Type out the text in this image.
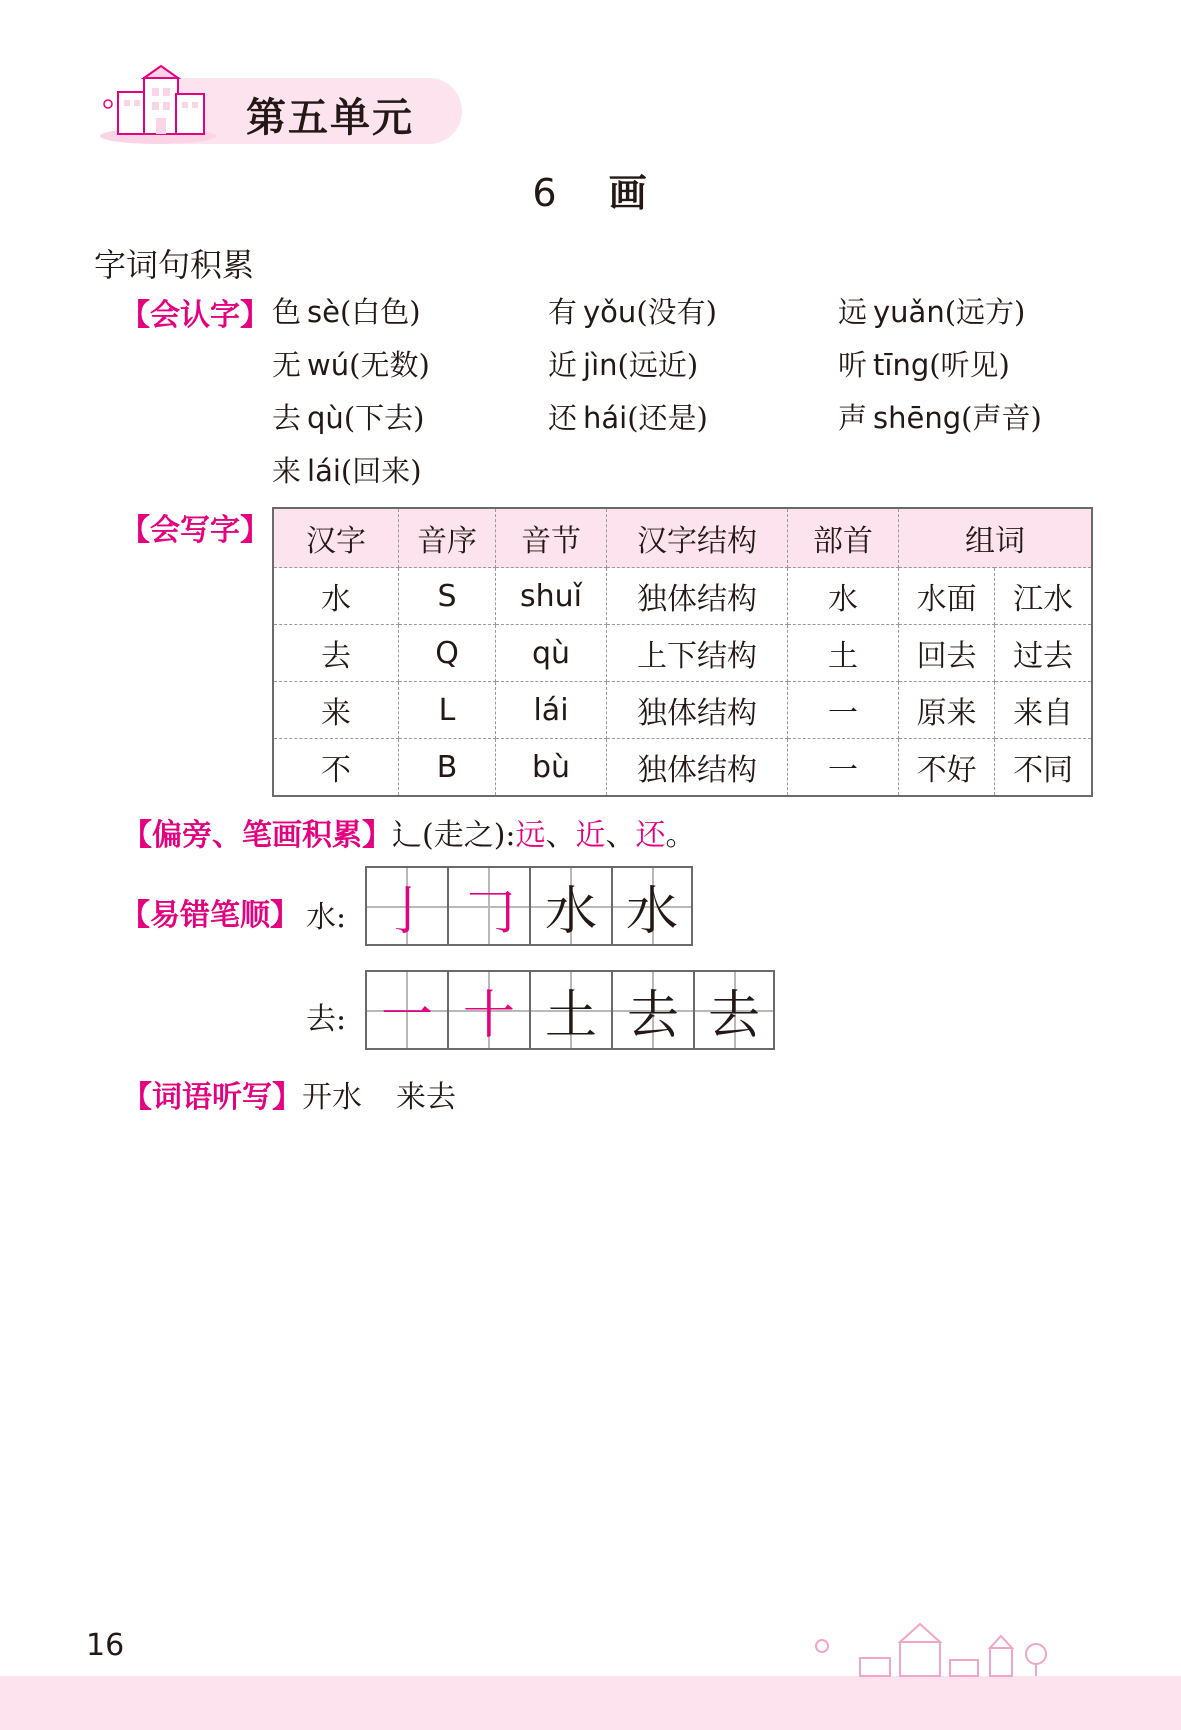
第五单元
6 画
字词句积累
【会认字】 色 sè(白色)	有 yǒu(没有)	远 yuǎn(远方)
无 wú(无数)	近 jìn(远近)	听 tīng(听见)
去 qù(下去)	还 hái(还是)	声 shēng(声音)
来 lái(回来)
【会写字】 汉字	音序	音节	汉字结构	部首	组词	
水	S	shuǐ	独体结构	水	水面	江水
去	Q	qù	上下结构	土	回去	过去
来	L	lái	独体结构	一	原来	来自
不	B	bù	独体结构	一	不好	不同
【偏旁、笔画积累】辶(走之):远、近、还。
【易错笔顺】 水: 亅 𠃌 水 水
去: 一 十 土 去 去
【词语听写】开水 来去
16
